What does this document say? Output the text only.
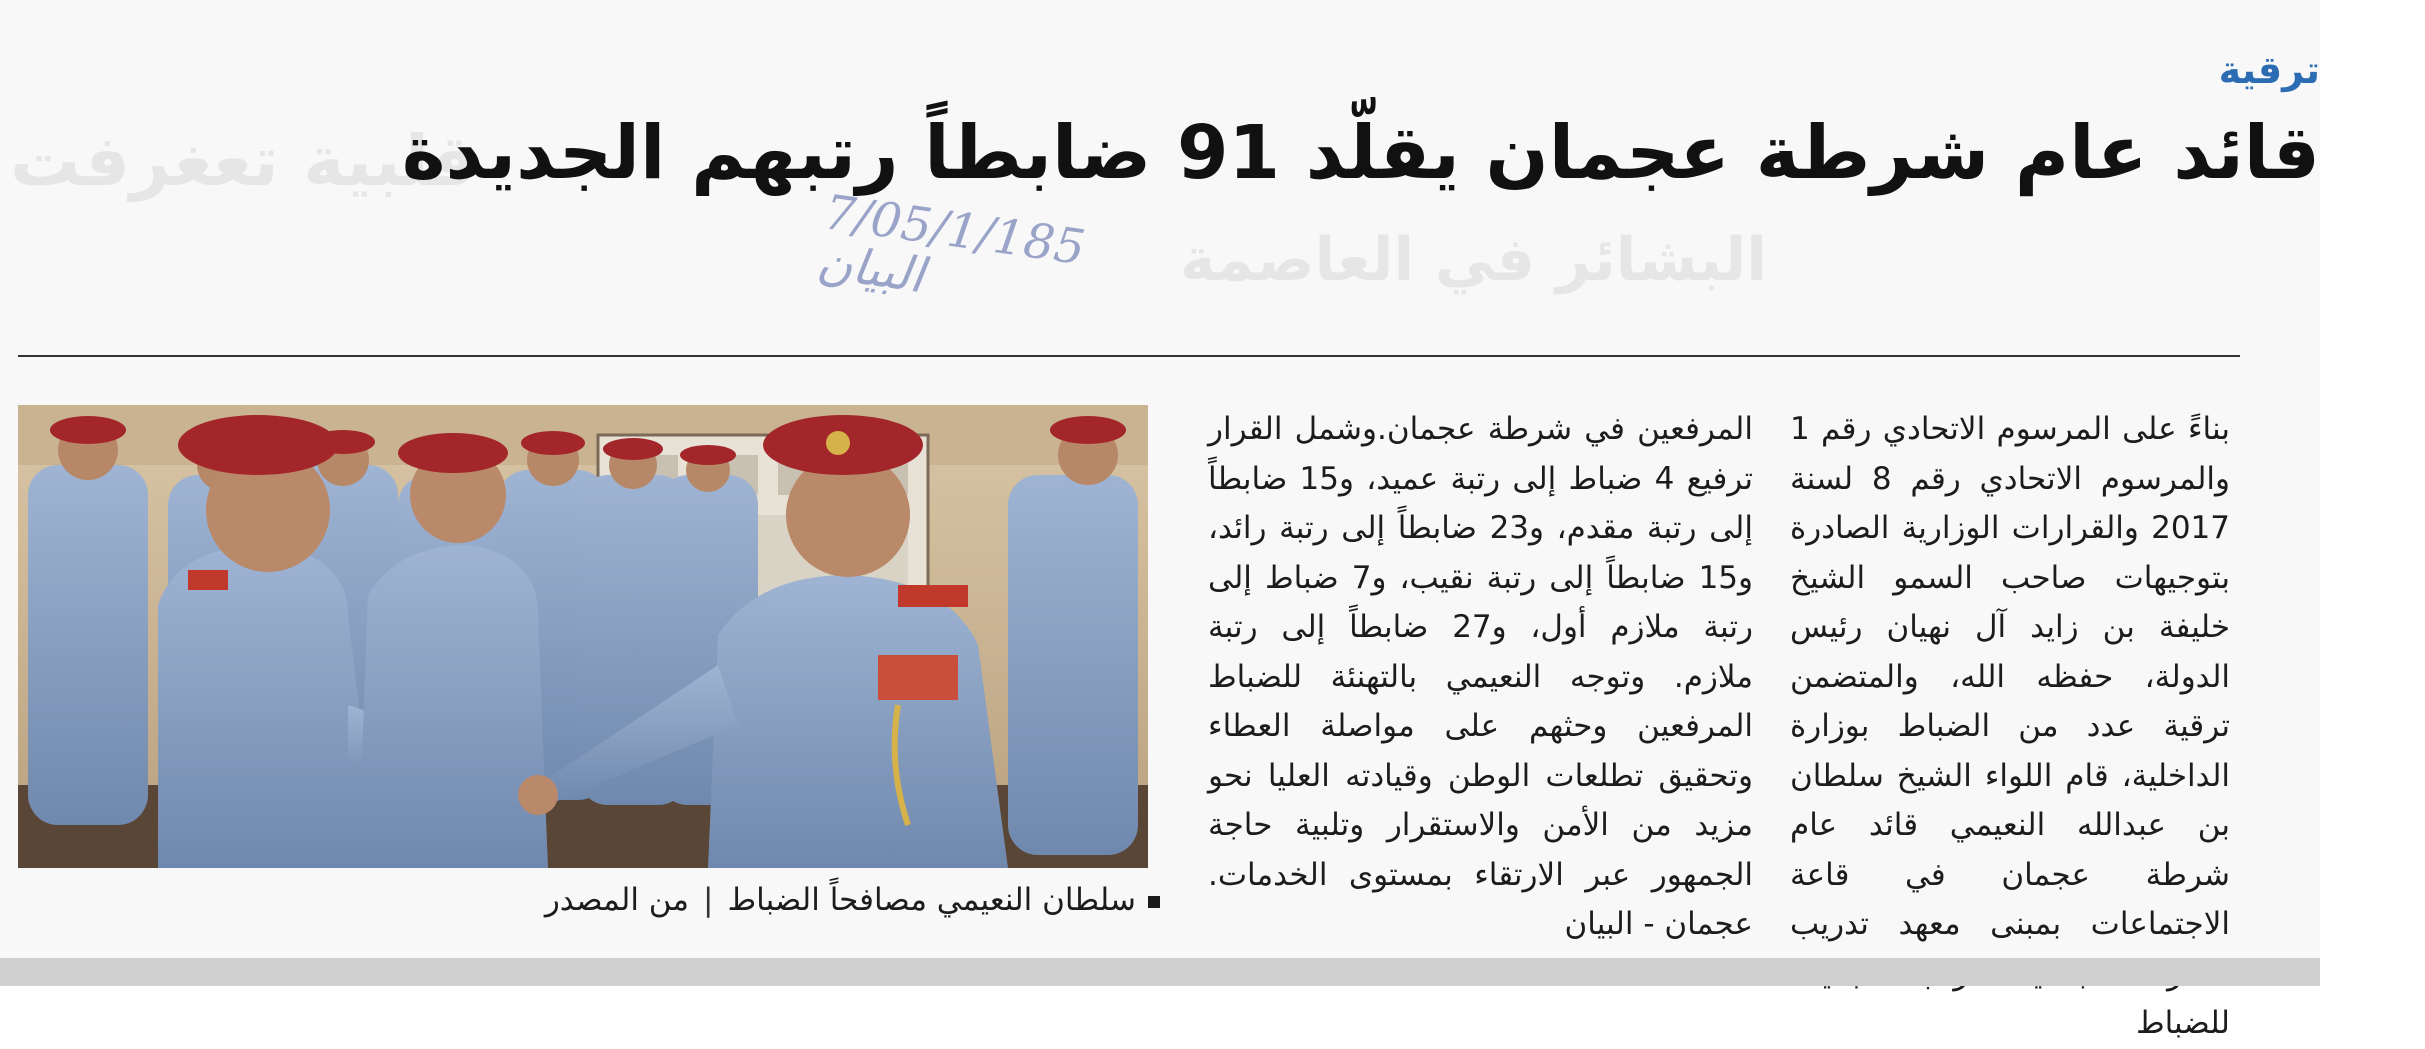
ﻗﻠﺒﻴﺔ ﺗﻌﻐﺮﻓﺖ
ﺍﻟﺒﺸﺎﺋﺮ ﻓﻲ ﺍﻟﻌﺎﺻﻤﺔ
ترقية
قائد عام شرطة عجمان يقلّد 91 ضابطاً رتبهم الجديدة
7/05/1/185
البيان

بناءً على المرسوم الاتحادي رقم 1 والمرسوم الاتحادي رقم 8 لسنة 2017 والقرارات الوزارية الصادرة بتوجيهات صاحب السمو الشيخ خليفة بن زايد آل نهيان رئيس الدولة، حفظه الله، والمتضمن ترقية عدد من الضباط بوزارة الداخلية، قام اللواء الشيخ سلطان بن عبدالله النعيمي قائد عام شرطة عجمان في قاعة الاجتماعات بمبنى معهد تدريب للضباط

المرفعين في شرطة عجمان.وشمل القرار ترفيع 4 ضباط إلى رتبة عميد، و15 ضابطاً إلى رتبة مقدم، و23 ضابطاً إلى رتبة رائد، و15 ضابطاً إلى رتبة نقيب، و7 ضباط إلى رتبة ملازم أول، و27 ضابطاً إلى رتبة ملازم. وتوجه النعيمي بالتهنئة للضباط المرفعين وحثهم على مواصلة العطاء وتحقيق تطلعات الوطن وقيادته العليا نحو مزيد من الأمن والاستقرار وتلبية حاجة الجمهور عبر الارتقاء بمستوى الخدمات. عجمان - البيان

سلطان النعيمي مصافحاً الضباط|من المصدر
